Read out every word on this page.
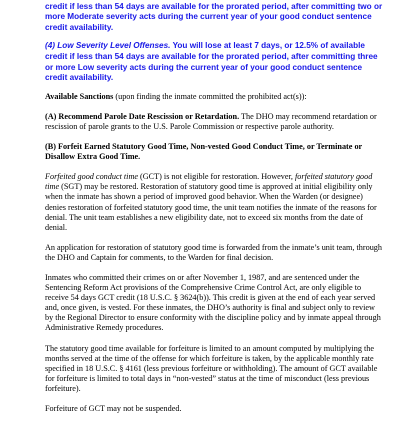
credit if less than 54 days are available for the prorated period, after committing two or more Moderate severity acts during the current year of your good conduct sentence credit availability.

(4) Low Severity Level Offenses. You will lose at least 7 days, or 12.5% of available credit if less than 54 days are available for the prorated period, after committing three or more Low severity acts during the current year of your good conduct sentence credit availability.

Available Sanctions (upon finding the inmate committed the prohibited act(s)):

(A) Recommend Parole Date Rescission or Retardation. The DHO may recommend retardation or rescission of parole grants to the U.S. Parole Commission or respective parole authority.

(B) Forfeit Earned Statutory Good Time, Non-vested Good Conduct Time, or Terminate or Disallow Extra Good Time.

Forfeited good conduct time (GCT) is not eligible for restoration. However, forfeited statutory good time (SGT) may be restored. Restoration of statutory good time is approved at initial eligibility only when the inmate has shown a period of improved good behavior. When the Warden (or designee) denies restoration of forfeited statutory good time, the unit team notifies the inmate of the reasons for denial. The unit team establishes a new eligibility date, not to exceed six months from the date of denial.

An application for restoration of statutory good time is forwarded from the inmate’s unit team, through the DHO and Captain for comments, to the Warden for final decision.

Inmates who committed their crimes on or after November 1, 1987, and are sentenced under the Sentencing Reform Act provisions of the Comprehensive Crime Control Act, are only eligible to receive 54 days GCT credit (18 U.S.C. § 3624(b)). This credit is given at the end of each year served and, once given, is vested. For these inmates, the DHO’s authority is final and subject only to review by the Regional Director to ensure conformity with the discipline policy and by inmate appeal through Administrative Remedy procedures.

The statutory good time available for forfeiture is limited to an amount computed by multiplying the months served at the time of the offense for which forfeiture is taken, by the applicable monthly rate specified in 18 U.S.C. § 4161 (less previous forfeiture or withholding). The amount of GCT available for forfeiture is limited to total days in “non-vested” status at the time of misconduct (less previous forfeiture).

Forfeiture of GCT may not be suspended.
